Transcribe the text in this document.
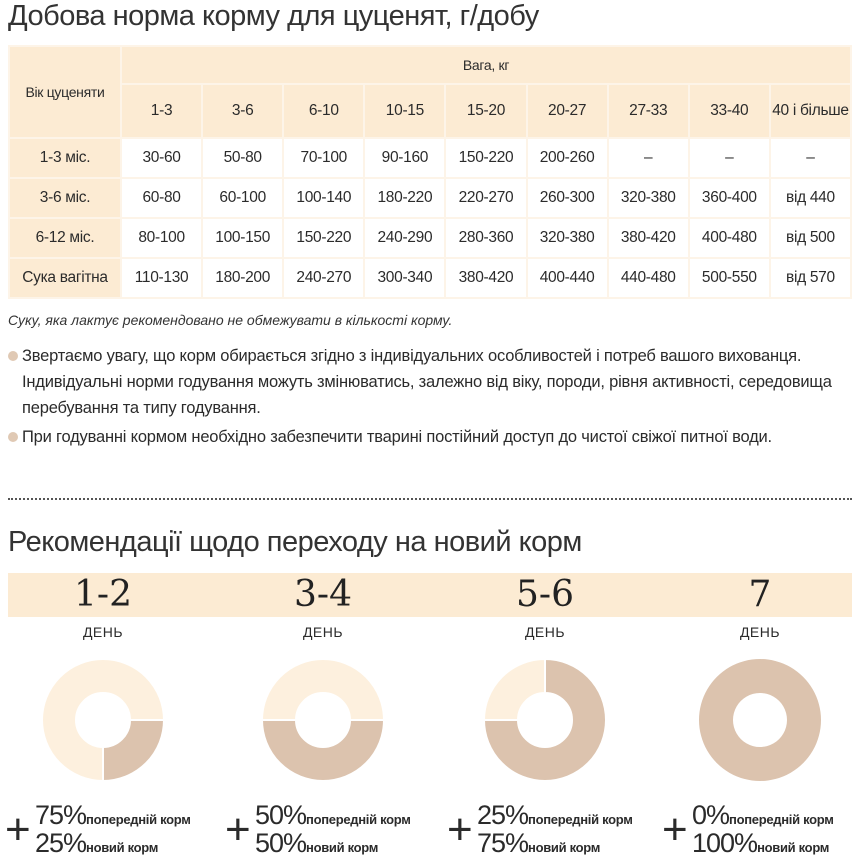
Добова норма корму для цуценят, г/добу
Вік цуценяти	Вага, кг								
	1-3	3-6	6-10	10-15	15-20	20-27	27-33	33-40	40 і більше
1-3 міс.	30-60	50-80	70-100	90-160	150-220	200-260	–	–	–
3-6 міс.	60-80	60-100	100-140	180-220	220-270	260-300	320-380	360-400	від 440
6-12 міс.	80-100	100-150	150-220	240-290	280-360	320-380	380-420	400-480	від 500
Сука вагітна	110-130	180-200	240-270	300-340	380-420	400-440	440-480	500-550	від 570
Суку, яка лактує рекомендовано не обмежувати в кількості корму.
Звертаємо увагу, що корм обирається згідно з індивідуальних особливостей і потреб вашого вихованця. Індивідуальні норми годування можуть змінюватись, залежно від віку, породи, рівня активності, середовища перебування та типу годування.
При годуванні кормом необхідно забезпечити тварині постійний доступ до чистої свіжої питної води.
Рекомендації щодо переходу на новий корм
1-2
ДЕНЬ
+ 75%попередній корм
25%новий корм
3-4
ДЕНЬ
+ 50%попередній корм
50%новий корм
5-6
ДЕНЬ
+ 25%попередній корм
75%новий корм
7
ДЕНЬ
+ 0%попередній корм
100%новий корм
